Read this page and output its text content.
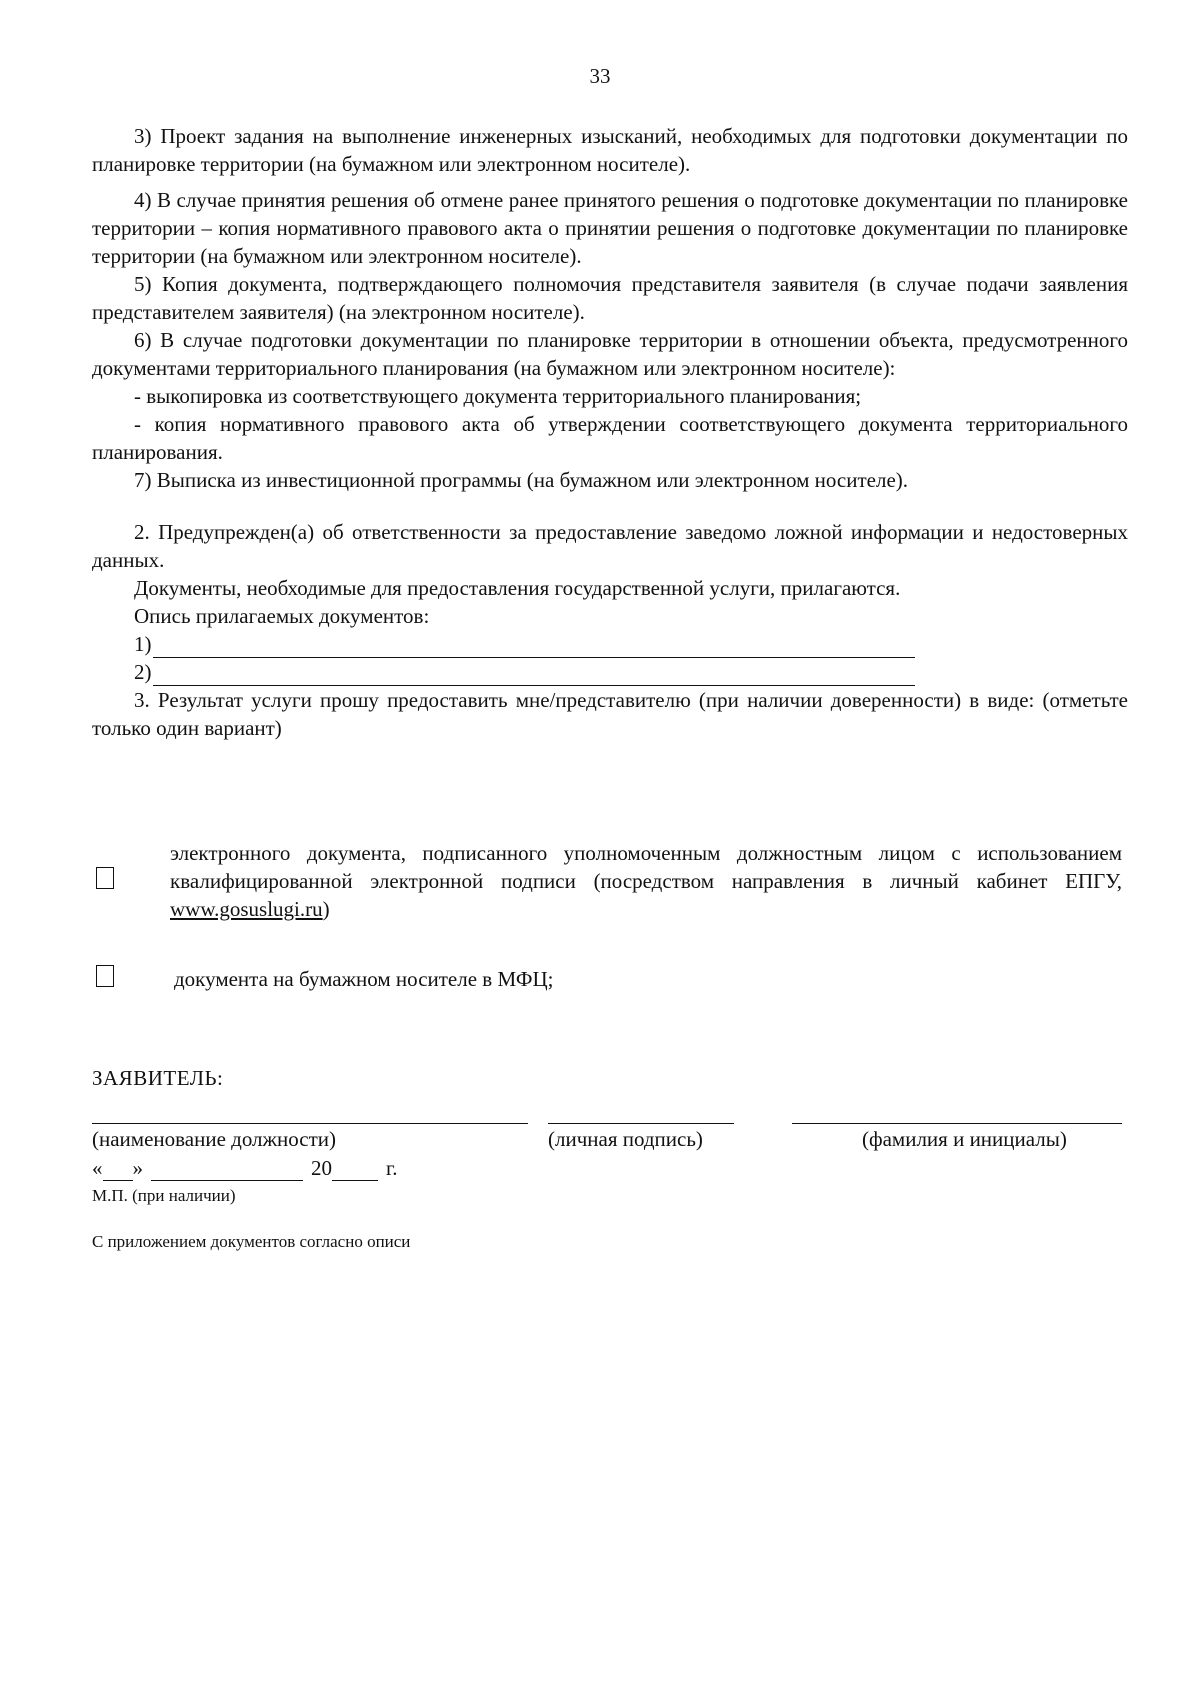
33

3) Проект задания на выполнение инженерных изысканий, необходимых для подготовки документации по планировке территории (на бумажном или электронном носителе).

4) В случае принятия решения об отмене ранее принятого решения о подготовке документации по планировке территории – копия нормативного правового акта о принятии решения о подготовке документации по планировке территории (на бумажном или электронном носителе).

5) Копия документа, подтверждающего полномочия представителя заявителя (в случае подачи заявления представителем заявителя) (на электронном носителе).

6) В случае подготовки документации по планировке территории в отношении объекта, предусмотренного документами территориального планирования (на бумажном или электронном носителе):

- выкопировка из соответствующего документа территориального планирования;

- копия нормативного правового акта об утверждении соответствующего документа территориального планирования.

7) Выписка из инвестиционной программы (на бумажном или электронном носителе).

2. Предупрежден(а) об ответственности за предоставление заведомо ложной информации и недостоверных данных.

Документы, необходимые для предоставления государственной услуги, прилагаются.

Опись прилагаемых документов:

1)
2)

3. Результат услуги прошу предоставить мне/представителю (при наличии доверенности) в виде: (отметьте только один вариант)

электронного документа, подписанного уполномоченным должностным лицом с использованием квалифицированной электронной подписи (посредством направления в личный кабинет ЕПГУ, www.gosuslugi.ru)
документа на бумажном носителе в МФЦ;
ЗАЯВИТЕЛЬ:
(наименование должности)	(личная подпись)	(фамилия и инициалы)
« »	20	г.
М.П. (при наличии)
С приложением документов согласно описи
